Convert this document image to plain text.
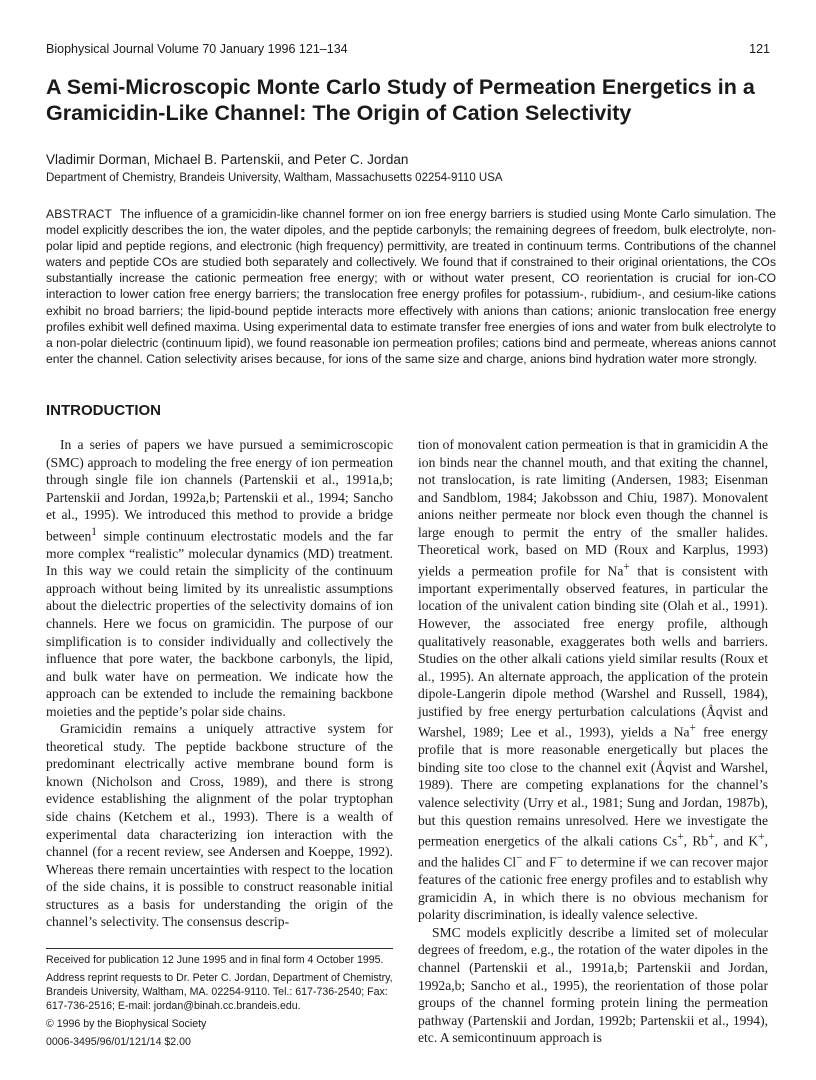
Biophysical Journal Volume 70 January 1996 121–134	121
A Semi-Microscopic Monte Carlo Study of Permeation Energetics in a Gramicidin-Like Channel: The Origin of Cation Selectivity
Vladimir Dorman, Michael B. Partenskii, and Peter C. Jordan
Department of Chemistry, Brandeis University, Waltham, Massachusetts 02254-9110 USA

ABSTRACT The influence of a gramicidin-like channel former on ion free energy barriers is studied using Monte Carlo simulation. The model explicitly describes the ion, the water dipoles, and the peptide carbonyls; the remaining degrees of freedom, bulk electrolyte, non-polar lipid and peptide regions, and electronic (high frequency) permittivity, are treated in continuum terms. Contributions of the channel waters and peptide COs are studied both separately and collectively. We found that if constrained to their original orientations, the COs substantially increase the cationic permeation free energy; with or without water present, CO reorientation is crucial for ion-CO interaction to lower cation free energy barriers; the translocation free energy profiles for potassium-, rubidium-, and cesium-like cations exhibit no broad barriers; the lipid-bound peptide interacts more effectively with anions than cations; anionic translocation free energy profiles exhibit well defined maxima. Using experimental data to estimate transfer free energies of ions and water from bulk electrolyte to a non-polar dielectric (continuum lipid), we found reasonable ion permeation profiles; cations bind and permeate, whereas anions cannot enter the channel. Cation selectivity arises because, for ions of the same size and charge, anions bind hydration water more strongly.

INTRODUCTION

In a series of papers we have pursued a semimicroscopic (SMC) approach to modeling the free energy of ion permeation through single file ion channels (Partenskii et al., 1991a,b; Partenskii and Jordan, 1992a,b; Partenskii et al., 1994; Sancho et al., 1995). We introduced this method to provide a bridge between$^1$ simple continuum electrostatic models and the far more complex “realistic” molecular dynamics (MD) treatment. In this way we could retain the simplicity of the continuum approach without being limited by its unrealistic assumptions about the dielectric properties of the selectivity domains of ion channels. Here we focus on gramicidin. The purpose of our simplification is to consider individually and collectively the influence that pore water, the backbone carbonyls, the lipid, and bulk water have on permeation. We indicate how the approach can be extended to include the remaining backbone moieties and the peptide’s polar side chains.

Gramicidin remains a uniquely attractive system for theoretical study. The peptide backbone structure of the predominant electrically active membrane bound form is known (Nicholson and Cross, 1989), and there is strong evidence establishing the alignment of the polar tryptophan side chains (Ketchem et al., 1993). There is a wealth of experimental data characterizing ion interaction with the channel (for a recent review, see Andersen and Koeppe, 1992). Whereas there remain uncertainties with respect to the location of the side chains, it is possible to construct reasonable initial structures as a basis for understanding the origin of the channel’s selectivity. The consensus descrip-

tion of monovalent cation permeation is that in gramicidin A the ion binds near the channel mouth, and that exiting the channel, not translocation, is rate limiting (Andersen, 1983; Eisenman and Sandblom, 1984; Jakobsson and Chiu, 1987). Monovalent anions neither permeate nor block even though the channel is large enough to permit the entry of the smaller halides. Theoretical work, based on MD (Roux and Karplus, 1993) yields a permeation profile for Na+ that is consistent with important experimentally observed features, in particular the location of the univalent cation binding site (Olah et al., 1991). However, the associated free energy profile, although qualitatively reasonable, exaggerates both wells and barriers. Studies on the other alkali cations yield similar results (Roux et al., 1995). An alternate approach, the application of the protein dipole-Langerin dipole method (Warshel and Russell, 1984), justified by free energy perturbation calculations (Åqvist and Warshel, 1989; Lee et al., 1993), yields a Na+ free energy profile that is more reasonable energetically but places the binding site too close to the channel exit (Åqvist and Warshel, 1989). There are competing explanations for the channel’s valence selectivity (Urry et al., 1981; Sung and Jordan, 1987b), but this question remains unresolved. Here we investigate the permeation energetics of the alkali cations Cs+, Rb+, and K+, and the halides Cl− and F− to determine if we can recover major features of the cationic free energy profiles and to establish why gramicidin A, in which there is no obvious mechanism for polarity discrimination, is ideally valence selective.

SMC models explicitly describe a limited set of molecular degrees of freedom, e.g., the rotation of the water dipoles in the channel (Partenskii et al., 1991a,b; Partenskii and Jordan, 1992a,b; Sancho et al., 1995), the reorientation of those polar groups of the channel forming protein lining the permeation pathway (Partenskii and Jordan, 1992b; Partenskii et al., 1994), etc. A semicontinuum approach is

Received for publication 12 June 1995 and in final form 4 October 1995.

Address reprint requests to Dr. Peter C. Jordan, Department of Chemistry, Brandeis University, Waltham, MA. 02254-9110. Tel.: 617-736-2540; Fax: 617-736-2516; E-mail: jordan@binah.cc.brandeis.edu.

© 1996 by the Biophysical Society

0006-3495/96/01/121/14 $2.00
